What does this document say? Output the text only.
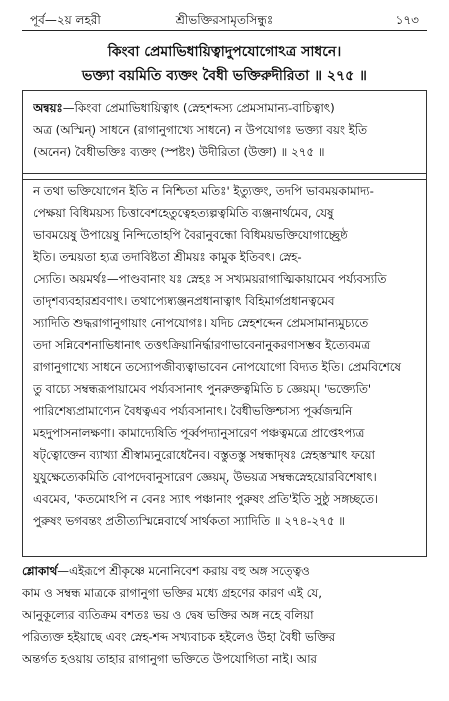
পূর্ব—২য় লহরী	শ্রীভক্তিরসামৃতসিন্ধুঃ	১৭৩
কিংবা প্রেমাভিধায়িত্বাদুপযোগোঽত্র সাধনে।
ভক্ত্যা বয়মিতি ব্যক্তং বৈধী ভক্তিরুদীরিতা ॥ ২৭৫ ॥
অন্বয়ঃ—কিংবা প্রেমাভিধায়িত্বাৎ (স্নেহশব্দস্য প্রেমসামান্য-বাচিত্বাৎ)
অত্র (অস্মিন্) সাধনে (রাগানুগাখ্যে সাধনে) ন উপযোগঃ ভক্ত্যা বয়ং ইতি
(অনেন) বৈধীভক্তিঃ ব্যক্তং (স্পষ্টং) উদীরিতা (উক্তা) ॥ ২৭৫ ॥
ন তথা ভক্তিযোগেন ইতি ন নিশ্চিতা মতিঃ' ইত্যুক্তং, তদপি ভাবময়কামাদ্য-
পেক্ষয়া বিধিময়স্য চিত্তাবেশহেতুত্বেহত্যল্পত্বমিতি ব্যঞ্জনার্থমেব, যেষু
ভাবময়েষু উপায়েষু নিন্দিতোহপি বৈরানুবন্ধো বিধিময়ভক্তিযোগাচ্ছ্রেষ্ঠ
ইতি। তন্ময়তা হ্যত্র তদাবিষ্টতা শ্রীময়ঃ কামুক ইতিবৎ। স্নেহ-
স্যেতি। অয়মর্থঃ—পাণ্ডবানাং যঃ স্নেহঃ স সখ্যময়রাগাত্মিকায়ামেব পর্য্যবস্যতি
তাদৃশব্যবহারশ্রবণাৎ। তথাপ্যেষ্ব্যঞ্জনপ্রধানাত্বাৎ বিহিমার্গপ্রধানত্বমেব
স্যাদিতি শুদ্ধরাগানুগায়াং নোপযোগঃ। যদিচ স্নেহশব্দেন প্রেমসামান্যমুচ্যতে
তদা সন্নিবেশনাভিধানাৎ তত্তৎক্রিয়ানির্দ্ধারণাভাবেনানুকরণাসম্ভব ইত্যেবমত্র
রাগানুগাখ্যে সাধনে তস্যোপজীব্যত্বাভাবেন নোপযোগো বিদ্যত ইতি। প্রেমবিশেষে
তু বাচ্যে সম্বন্ধরূপায়ামেব পর্য্যবসানাৎ পুনরুক্তত্বমিতি চ জ্ঞেয়ম্। 'ভক্ত্যেতি'
পারিশেষ্যপ্রামাণ্যেন বৈধত্বএব পর্য্যবসানাৎ। বৈধীভক্তিশ্চাস্য পূর্ব্বজন্মনি
মহদুপাসনালক্ষণা। কামাদ্যেষিতি পূর্ব্বপদ্যানুসারেণ পঞ্চত্বমত্রে প্রাপ্তেঽপ্যত্র
ষট্‌ত্বোক্তেন ব্যাখ্যা শ্রীস্বাম্যনুরোধেনৈব। বস্তুতস্তু সম্বন্ধাদৃষঃ স্নেহস্তস্মাৎ ফয়ো
যুযুক্ষেত্যেকমিতি বোপদেবানুসারেণ জ্ঞেয়ম্, উভয়ত্র সম্বন্ধস্নেহয়োরবিশেষাৎ।
এবমেব, 'কতমোঽপি ন বেনঃ স্যাৎ পঞ্চানাং পুরুষং প্রতি'ইতি সুষ্ঠু সঙ্গচ্ছতে।
পুরুষং ভগবন্তং প্রতীত্যস্মিন্নেবার্থে সার্থকতা স্যাদিতি ॥ ২৭৪-২৭৫ ॥
শ্লোকার্থ—এইরূপে শ্রীকৃষ্ণে মনোনিবেশ করায় বহু অঙ্গ সত্ত্বেও
কাম ও সম্বন্ধ মাত্রকে রাগানুগা ভক্তির মধ্যে গ্রহণের কারণ এই যে,
আনুকূল্যের ব্যতিক্রম বশতঃ ভয় ও দ্বেষ ভক্তির অঙ্গ নহে বলিয়া
পরিত্যক্ত হইয়াছে এবং স্নেহ-শব্দ সখ্যবাচক হইলেও উহা বৈধী ভক্তির
অন্তর্গত হওয়ায় তাহার রাগানুগা ভক্তিতে উপযোগিতা নাই। আর
